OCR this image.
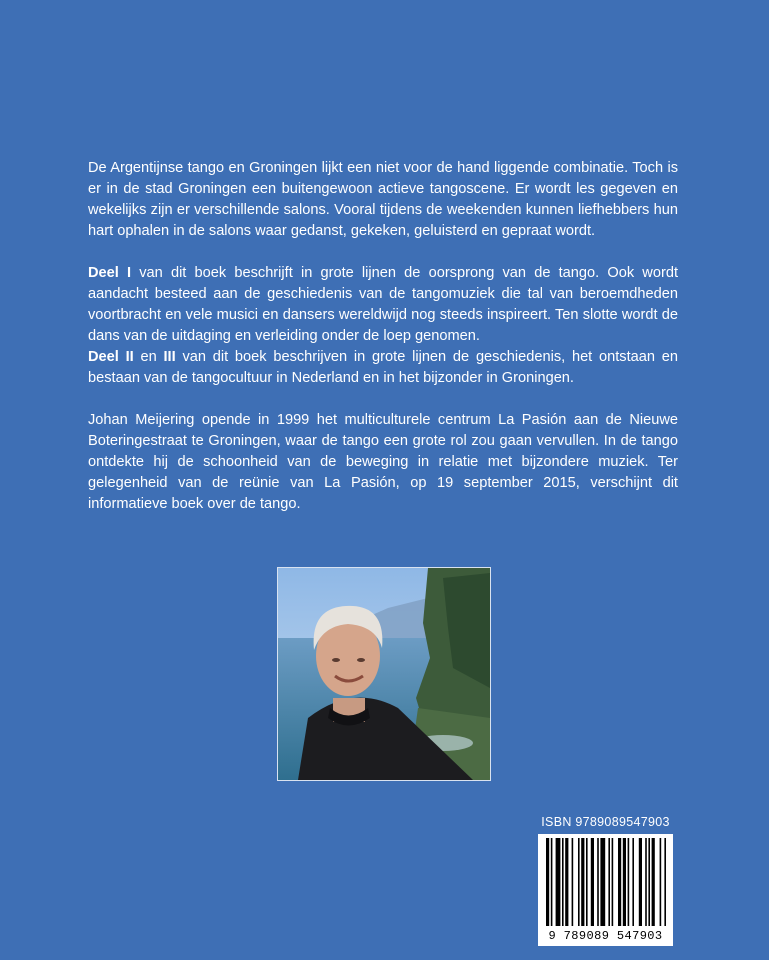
De Argentijnse tango en Groningen lijkt een niet voor de hand liggende combinatie. Toch is er in de stad Groningen een buitengewoon actieve tangoscene. Er wordt les gegeven en wekelijks zijn er verschillende salons. Vooral tijdens de weekenden kunnen liefhebbers hun hart ophalen in de salons waar gedanst, gekeken, geluisterd en gepraat wordt.

Deel I van dit boek beschrijft in grote lijnen de oorsprong van de tango. Ook wordt aandacht besteed aan de geschiedenis van de tangomuziek die tal van beroemdheden voortbracht en vele musici en dansers wereldwijd nog steeds inspireert. Ten slotte wordt de dans van de uitdaging en verleiding onder de loep genomen.

Deel II en III van dit boek beschrijven in grote lijnen de geschiedenis, het ontstaan en bestaan van de tangocultuur in Nederland en in het bijzonder in Groningen.

Johan Meijering opende in 1999 het multiculturele centrum La Pasión aan de Nieuwe Boteringestraat te Groningen, waar de tango een grote rol zou gaan vervullen. In de tango ontdekte hij de schoonheid van de beweging in relatie met bijzondere muziek. Ter gelegenheid van de reünie van La Pasión, op 19 september 2015, verschijnt dit informatieve boek over de tango.

ISBN 9789089547903
9 789089 547903
